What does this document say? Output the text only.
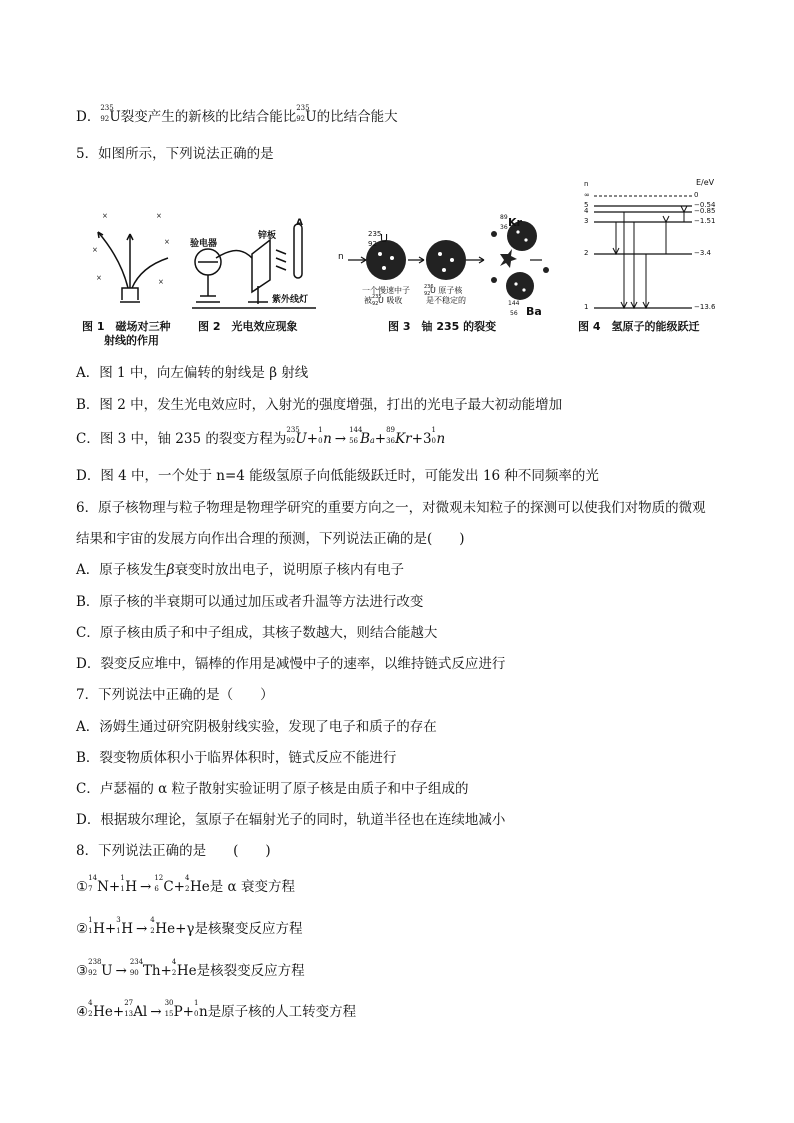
D．
235
92 U裂变产生的新核的比结合能比
235
92 U的比结合能大
5．如图所示，下列说法正确的是
×	×
×
×
×	×
图 1　磁场对三种
射线的作用
验电器
锌板
A
紫外线灯
图 2　光电效应现象
n
235
92 U
一个慢速中子
被 235
92 U 吸收
236
92 U 原子核
是不稳定的
89
36 Kr
144
56 Ba
图 3　铀 235 的裂变
n	E/eV
∞	0
5	−0.54
4	−0.85
3	−1.51
2	−3.4
1	−13.6
图 4　氢原子的能级跃迁
A．图 1 中，向左偏转的射线是 β 射线
B．图 2 中，发生光电效应时，入射光的强度增强，打出的光电子最大初动能增加
C．图 3 中，铀 235 的裂变方程为
235
92 U+
1
0 n →
144
56 Ba+
89
36 Kr+3
1
0 n
D．图 4 中，一个处于 n=4 能级氢原子向低能级跃迁时，可能发出 16 种不同频率的光
6．原子核物理与粒子物理是物理学研究的重要方向之一，对微观未知粒子的探测可以使我们对物质的微观结果和宇宙的发展方向作出合理的预测，下列说法正确的是(　　)
A．原子核发生β衰变时放出电子，说明原子核内有电子
B．原子核的半衰期可以通过加压或者升温等方法进行改变
C．原子核由质子和中子组成，其核子数越大，则结合能越大
D．裂变反应堆中，镉棒的作用是减慢中子的速率，以维持链式反应进行
7．下列说法中正确的是（　　）
A．汤姆生通过研究阴极射线实验，发现了电子和质子的存在
B．裂变物质体积小于临界体积时，链式反应不能进行
C．卢瑟福的 α 粒子散射实验证明了原子核是由质子和中子组成的
D．根据玻尔理论，氢原子在辐射光子的同时，轨道半径也在连续地减小
8．下列说法正确的是　　(　　)
①
14
7 N+
1
1 H →
12
6 C+
4
2 He是 α 衰变方程
②
1
1 H+
3
1 H →
4
2 He+γ是核聚变反应方程
③
238
92 U →
234
90 Th+
4
2 He是核裂变反应方程
④
4
2 He+
27
13 Al →
30
15 P+
1
0 n是原子核的人工转变方程
